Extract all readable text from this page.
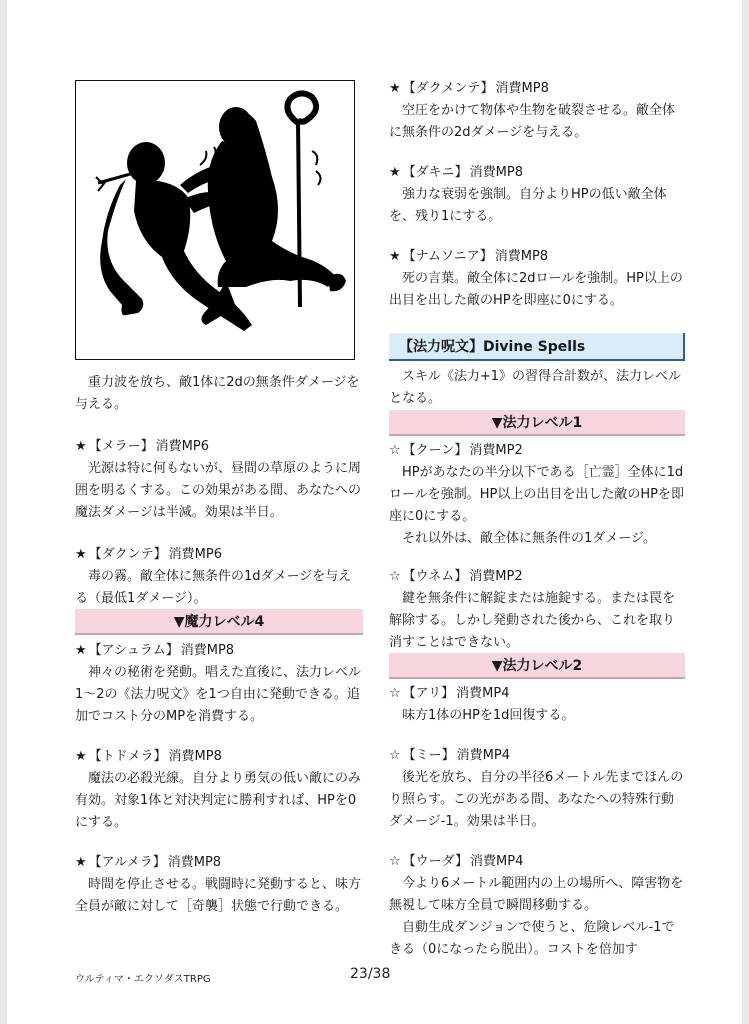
重力波を放ち、敵1体に2dの無条件ダメージを与える。

★ 【メラー】 消費MP6

光源は特に何もないが、昼間の草原のように周囲を明るくする。この効果がある間、あなたへの魔法ダメージは半減。効果は半日。

★ 【ダクンテ】 消費MP6

毒の霧。敵全体に無条件の1dダメージを与える（最低1ダメージ）。

▼魔力レベル4
★ 【アシュラム】 消費MP8

神々の秘術を発動。唱えた直後に、法力レベル1～2の《法力呪文》を1つ自由に発動できる。追加でコスト分のMPを消費する。

★ 【トドメラ】 消費MP8

魔法の必殺光線。自分より勇気の低い敵にのみ有効。対象1体と対決判定に勝利すれば、HPを0にする。

★ 【アルメラ】 消費MP8

時間を停止させる。戦闘時に発動すると、味方全員が敵に対して［奇襲］状態で行動できる。

★ 【ダクメンテ】 消費MP8

空圧をかけて物体や生物を破裂させる。敵全体に無条件の2dダメージを与える。

★ 【ダキニ】 消費MP8

強力な衰弱を強制。自分よりHPの低い敵全体を、残り1にする。

★ 【ナムソニア】 消費MP8

死の言葉。敵全体に2dロールを強制。HP以上の出目を出した敵のHPを即座に0にする。

【法力呪文】Divine Spells

スキル《法力+1》の習得合計数が、法力レベルとなる。

▼法力レベル1
☆ 【クーン】 消費MP2

HPがあなたの半分以下である［亡霊］全体に1dロールを強制。HP以上の出目を出した敵のHPを即座に0にする。

それ以外は、敵全体に無条件の1ダメージ。

☆ 【ウネム】 消費MP2

鍵を無条件に解錠または施錠する。または罠を解除する。しかし発動された後から、これを取り消すことはできない。

▼法力レベル2
☆ 【アリ】 消費MP4

味方1体のHPを1d回復する。

☆ 【ミー】 消費MP4

後光を放ち、自分の半径6メートル先までほんのり照らす。この光がある間、あなたへの特殊行動ダメージ-1。効果は半日。

☆ 【ウーダ】 消費MP4

今より6メートル範囲内の上の場所へ、障害物を無視して味方全員で瞬間移動する。

自動生成ダンジョンで使うと、危険レベル-1できる（0になったら脱出）。コストを倍加す

ウルティマ・エクソダスTRPG	23/38
